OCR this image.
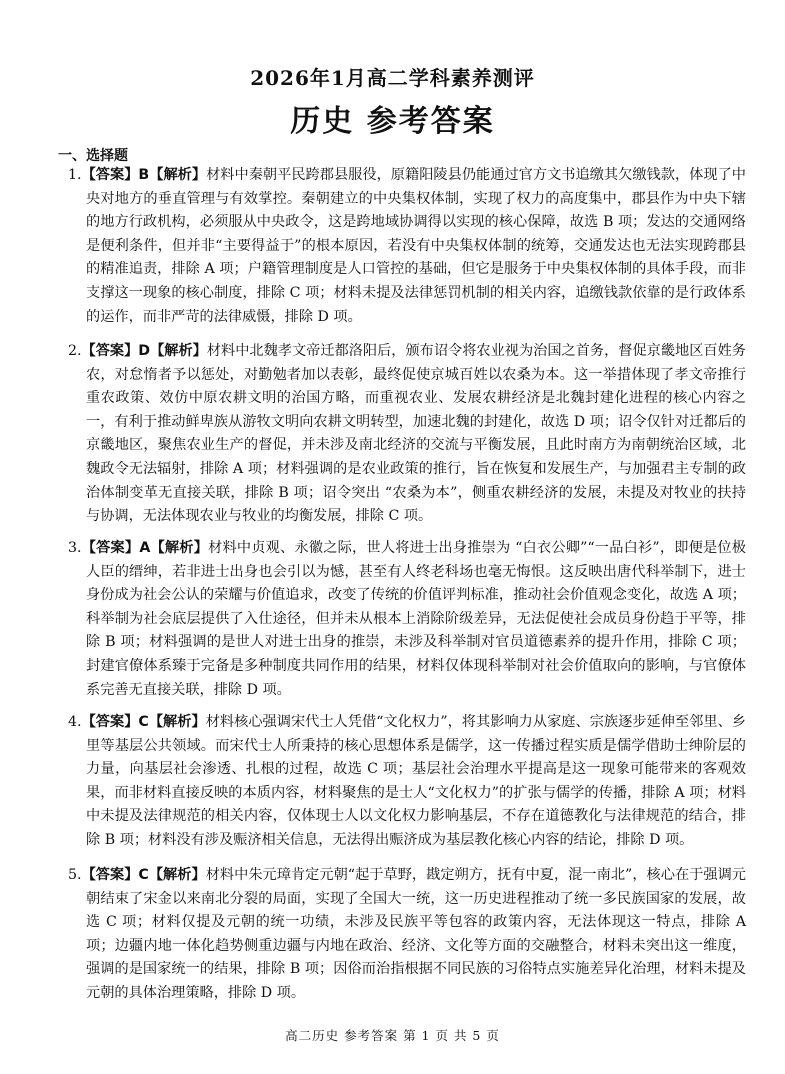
2026年1月高二学科素养测评
历史 参考答案
一、选择题
1.【答案】B【解析】材料中秦朝平民跨郡县服役，原籍阳陵县仍能通过官方文书追缴其欠缴钱款，体现了中央对地方的垂直管理与有效掌控。秦朝建立的中央集权体制，实现了权力的高度集中，郡县作为中央下辖的地方行政机构，必须服从中央政令，这是跨地域协调得以实现的核心保障，故选 B 项；发达的交通网络是便利条件，但并非“主要得益于”的根本原因，若没有中央集权体制的统筹，交通发达也无法实现跨郡县的精准追责，排除 A 项；户籍管理制度是人口管控的基础，但它是服务于中央集权体制的具体手段，而非支撑这一现象的核心制度，排除 C 项；材料未提及法律惩罚机制的相关内容，追缴钱款依靠的是行政体系的运作，而非严苛的法律威慑，排除 D 项。
2.【答案】D【解析】材料中北魏孝文帝迁都洛阳后，颁布诏令将农业视为治国之首务，督促京畿地区百姓务农，对怠惰者予以惩处，对勤勉者加以表彰，最终促使京城百姓以农桑为本。这一举措体现了孝文帝推行重农政策、效仿中原农耕文明的治国方略，而重视农业、发展农耕经济是北魏封建化进程的核心内容之一，有利于推动鲜卑族从游牧文明向农耕文明转型，加速北魏的封建化，故选 D 项；诏令仅针对迁都后的京畿地区，聚焦农业生产的督促，并未涉及南北经济的交流与平衡发展，且此时南方为南朝统治区域，北魏政令无法辐射，排除 A 项；材料强调的是农业政策的推行，旨在恢复和发展生产，与加强君主专制的政治体制变革无直接关联，排除 B 项；诏令突出 “农桑为本”，侧重农耕经济的发展，未提及对牧业的扶持与协调，无法体现农业与牧业的均衡发展，排除 C 项。
3.【答案】A【解析】材料中贞观、永徽之际，世人将进士出身推崇为 “白衣公卿”“一品白衫”，即便是位极人臣的缙绅，若非进士出身也会引以为憾，甚至有人终老科场也毫无悔恨。这反映出唐代科举制下，进士身份成为社会公认的荣耀与价值追求，改变了传统的价值评判标准，推动社会价值观念变化，故选 A 项；科举制为社会底层提供了入仕途径，但并未从根本上消除阶级差异，无法促使社会成员身份趋于平等，排除 B 项；材料强调的是世人对进士出身的推崇，未涉及科举制对官员道德素养的提升作用，排除 C 项；封建官僚体系臻于完备是多种制度共同作用的结果，材料仅体现科举制对社会价值取向的影响，与官僚体系完善无直接关联，排除 D 项。
4.【答案】C【解析】材料核心强调宋代士人凭借“文化权力”，将其影响力从家庭、宗族逐步延伸至邻里、乡里等基层公共领域。而宋代士人所秉持的核心思想体系是儒学，这一传播过程实质是儒学借助士绅阶层的力量，向基层社会渗透、扎根的过程，故选 C 项；基层社会治理水平提高是这一现象可能带来的客观效果，而非材料直接反映的本质内容，材料聚焦的是士人“文化权力”的扩张与儒学的传播，排除 A 项；材料中未提及法律规范的相关内容，仅体现士人以文化权力影响基层，不存在道德教化与法律规范的结合，排除 B 项；材料没有涉及赈济相关信息，无法得出赈济成为基层教化核心内容的结论，排除 D 项。
5.【答案】C【解析】材料中朱元璋肯定元朝“起于草野，戡定朔方，抚有中夏，混一南北”，核心在于强调元朝结束了宋金以来南北分裂的局面，实现了全国大一统，这一历史进程推动了统一多民族国家的发展，故选 C 项；材料仅提及元朝的统一功绩，未涉及民族平等包容的政策内容，无法体现这一特点，排除 A 项；边疆内地一体化趋势侧重边疆与内地在政治、经济、文化等方面的交融整合，材料未突出这一维度，强调的是国家统一的结果，排除 B 项；因俗而治指根据不同民族的习俗特点实施差异化治理，材料未提及元朝的具体治理策略，排除 D 项。
高二历史 参考答案 第 1 页 共 5 页
